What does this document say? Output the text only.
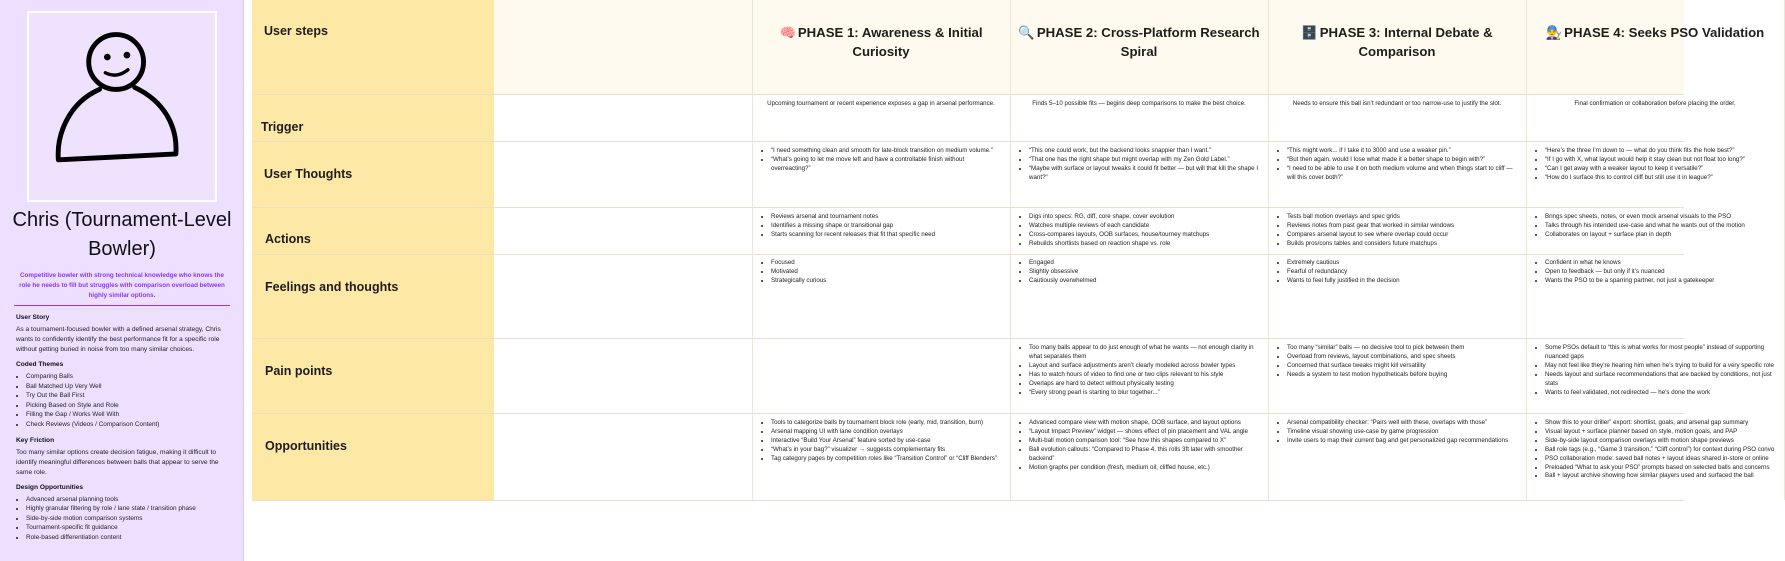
Chris (Tournament-Level Bowler)
Competitive bowler with strong technical knowledge who knows the role he needs to fill but struggles with comparison overload between highly similar options.
User Story
As a tournament-focused bowler with a defined arsenal strategy, Chris wants to confidently identify the best performance fit for a specific role without getting buried in noise from too many similar choices.
Coded Themes
• Comparing Balls
• Ball Matched Up Very Well
• Try Out the Ball First
• Picking Based on Style and Role
• Filling the Gap / Works Well With
• Check Reviews (Videos / Comparison Content)
Key Friction
Too many similar options create decision fatigue, making it difficult to identify meaningful differences between balls that appear to serve the same role.
Design Opportunities
• Advanced arsenal planning tools
• Highly granular filtering by role / lane state / transition phase
• Side-by-side motion comparison systems
• Tournament-specific fit guidance
• Role-based differentiation content
User steps
Trigger
User Thoughts
Actions
Feelings and thoughts
Pain points
Opportunities
🧠 PHASE 1: Awareness & Initial Curiosity
Upcoming tournament or recent experience exposes a gap in arsenal performance.
• “I need something clean and smooth for late-block transition on medium volume.”
• “What’s going to let me move left and have a controllable finish without overreacting?”
• Reviews arsenal and tournament notes
• Identifies a missing shape or transitional gap
• Starts scanning for recent releases that fit that specific need
• Focused
• Motivated
• Strategically curious
• Tools to categorize balls by tournament block role (early, mid, transition, burn)
• Arsenal mapping UI with lane condition overlays
• Interactive “Build Your Arsenal” feature sorted by use-case
• “What’s in your bag?” visualizer → suggests complementary fits
• Tag category pages by competition roles like “Transition Control” or “Cliff Blenders”
🔍 PHASE 2: Cross-Platform Research Spiral
Finds 5–10 possible fits — begins deep comparisons to make the best choice.
• “This one could work, but the backend looks snappier than I want.”
• “That one has the right shape but might overlap with my Zen Gold Label.”
• “Maybe with surface or layout tweaks it could fit better — but will that kill the shape I want?”
• Digs into specs: RG, diff, core shape, cover evolution
• Watches multiple reviews of each candidate
• Cross-compares layouts, OOB surfaces, house/tourney matchups
• Rebuilds shortlists based on reaction shape vs. role
• Engaged
• Slightly obsessive
• Cautiously overwhelmed
• Too many balls appear to do just enough of what he wants — not enough clarity in what separates them
• Layout and surface adjustments aren’t clearly modeled across bowler types
• Has to watch hours of video to find one or two clips relevant to his style
• Overlaps are hard to detect without physically testing
• “Every strong pearl is starting to blur together...”
• Advanced compare view with motion shape, OOB surface, and layout options
• “Layout Impact Preview” widget — shows effect of pin placement and VAL angle
• Multi-ball motion comparison tool: “See how this shapes compared to X”
• Ball evolution callouts: “Compared to Phase 4, this rolls 3ft later with smoother backend”
• Motion graphs per condition (fresh, medium oil, cliffed house, etc.)
🗄️ PHASE 3: Internal Debate & Comparison
Needs to ensure this ball isn’t redundant or too narrow-use to justify the slot.
• “This might work... if I take it to 3000 and use a weaker pin.”
• “But then again, would I lose what made it a better shape to begin with?”
• “I need to be able to use it on both medium volume and when things start to cliff — will this cover both?”
• Tests ball motion overlays and spec grids
• Reviews notes from past gear that worked in similar windows
• Compares arsenal layout to see where overlap could occur
• Builds pros/cons tables and considers future matchups
• Extremely cautious
• Fearful of redundancy
• Wants to feel fully justified in the decision
• Too many “similar” balls — no decisive tool to pick between them
• Overload from reviews, layout combinations, and spec sheets
• Concerned that surface tweaks might kill versatility
• Needs a system to test motion hypotheticals before buying
• Arsenal compatibility checker: “Pairs well with these, overlaps with those”
• Timeline visual showing use-case by game progression
• Invite users to map their current bag and get personalized gap recommendations
👨‍🔧 PHASE 4: Seeks PSO Validation
Final confirmation or collaboration before placing the order.
• “Here’s the three I’m down to — what do you think fits the hole best?”
• “If I go with X, what layout would help it stay clean but not float too long?”
• “Can I get away with a weaker layout to keep it versatile?”
• “How do I surface this to control cliff but still use it in league?”
• Brings spec sheets, notes, or even mock arsenal visuals to the PSO
• Talks through his intended use-case and what he wants out of the motion
• Collaborates on layout + surface plan in depth
• Confident in what he knows
• Open to feedback — but only if it’s nuanced
• Wants the PSO to be a sparring partner, not just a gatekeeper
• Some PSOs default to “this is what works for most people” instead of supporting nuanced gaps
• May not feel like they’re hearing him when he’s trying to build for a very specific role
• Needs layout and surface recommendations that are backed by conditions, not just stats
• Wants to feel validated, not redirected — he’s done the work
• Show this to your driller” export: shortlist, goals, and arsenal gap summary
• Visual layout + surface planner based on style, motion goals, and PAP
• Side-by-side layout comparison overlays with motion shape previews
• Ball role tags (e.g., “Game 3 transition,” “Cliff control”) for context during PSO convo
• PSO collaboration mode: saved ball notes + layout ideas shared in-store or online
• Preloaded “What to ask your PSO” prompts based on selected balls and concerns
• Ball + layout archive showing how similar players used and surfaced the ball
